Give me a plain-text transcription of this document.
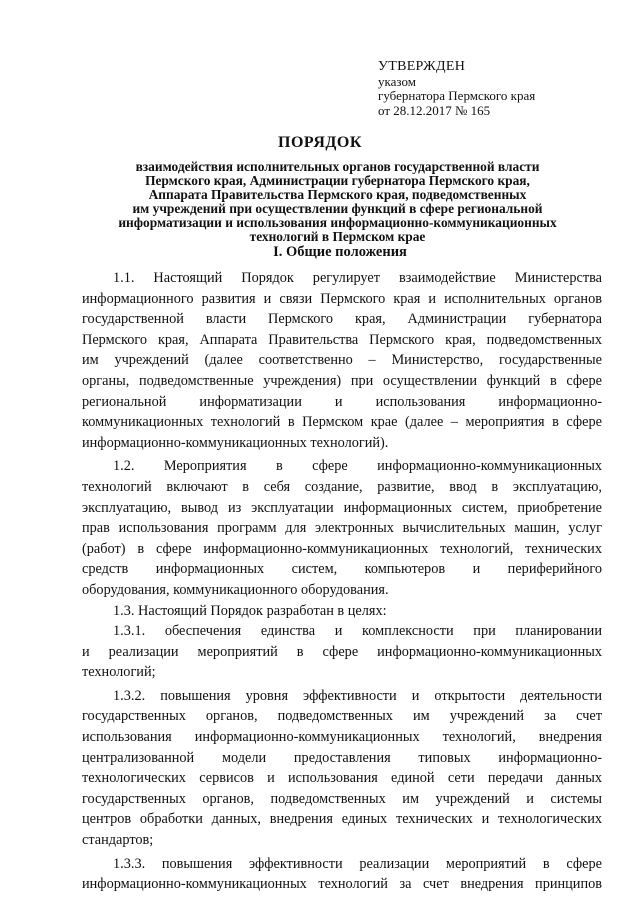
УТВЕРЖДЕН
указом
губернатора Пермского края
от 28.12.2017 № 165
ПОРЯДОК
взаимодействия исполнительных органов государственной власти
Пермского края, Администрации губернатора Пермского края,
Аппарата Правительства Пермского края, подведомственных
им учреждений при осуществлении функций в сфере региональной
информатизации и использования информационно-коммуникационных
технологий в Пермском крае
I. Общие положения
1.1. Настоящий Порядок регулирует взаимодействие Министерства
информационного развития и связи Пермского края и исполнительных органов
государственной власти Пермского края, Администрации губернатора
Пермского края, Аппарата Правительства Пермского края, подведомственных
им учреждений (далее соответственно – Министерство, государственные
органы, подведомственные учреждения) при осуществлении функций в сфере
региональной информатизации и использования информационно-
коммуникационных технологий в Пермском крае (далее – мероприятия в сфере
информационно-коммуникационных технологий).
1.2. Мероприятия в сфере информационно-коммуникационных
технологий включают в себя создание, развитие, ввод в эксплуатацию,
эксплуатацию, вывод из эксплуатации информационных систем, приобретение
прав использования программ для электронных вычислительных машин, услуг
(работ) в сфере информационно-коммуникационных технологий, технических
средств информационных систем, компьютеров и периферийного
оборудования, коммуникационного оборудования.
1.3. Настоящий Порядок разработан в целях:
1.3.1. обеспечения единства и комплексности при планировании
и реализации мероприятий в сфере информационно-коммуникационных
технологий;
1.3.2. повышения уровня эффективности и открытости деятельности
государственных органов, подведомственных им учреждений за счет
использования информационно-коммуникационных технологий, внедрения
централизованной модели предоставления типовых информационно-
технологических сервисов и использования единой сети передачи данных
государственных органов, подведомственных им учреждений и системы
центров обработки данных, внедрения единых технических и технологических
стандартов;
1.3.3. повышения эффективности реализации мероприятий в сфере
информационно-коммуникационных технологий за счет внедрения принципов
